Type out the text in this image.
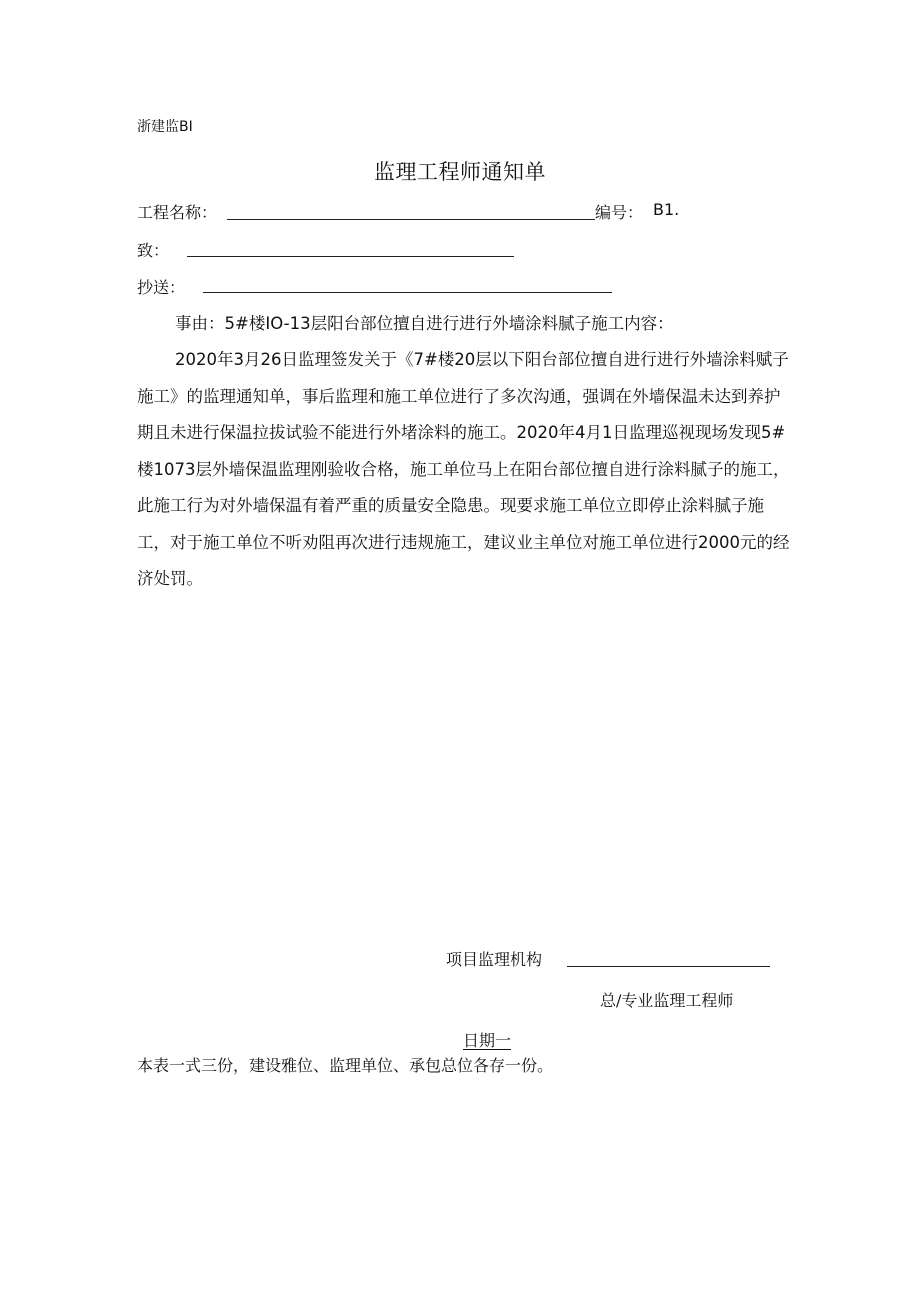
浙建监BI
监理工程师通知单
工程名称：	编号： B1.
致：
抄送：
事由：5#楼IO-13层阳台部位擅自进行进行外墙涂料腻子施工内容：
2020年3月26日监理签发关于《7#楼20层以下阳台部位擅自进行进行外墙涂料赋子施工》的监理通知单，事后监理和施工单位进行了多次沟通，强调在外墙保温未达到养护期且未进行保温拉拔试验不能进行外堵涂料的施工。2020年4月1日监理巡视现场发现5#楼1073层外墙保温监理刚验收合格，施工单位马上在阳台部位擅自进行涂料腻子的施工，此施工行为对外墙保温有着严重的质量安全隐患。现要求施工单位立即停止涂料腻子施工，对于施工单位不听劝阻再次进行违规施工，建议业主单位对施工单位进行2000元的经济处罚。
项目监理机构
总/专业监理工程师
日期一
本表一式三份，建设雅位、监理单位、承包总位各存一份。
